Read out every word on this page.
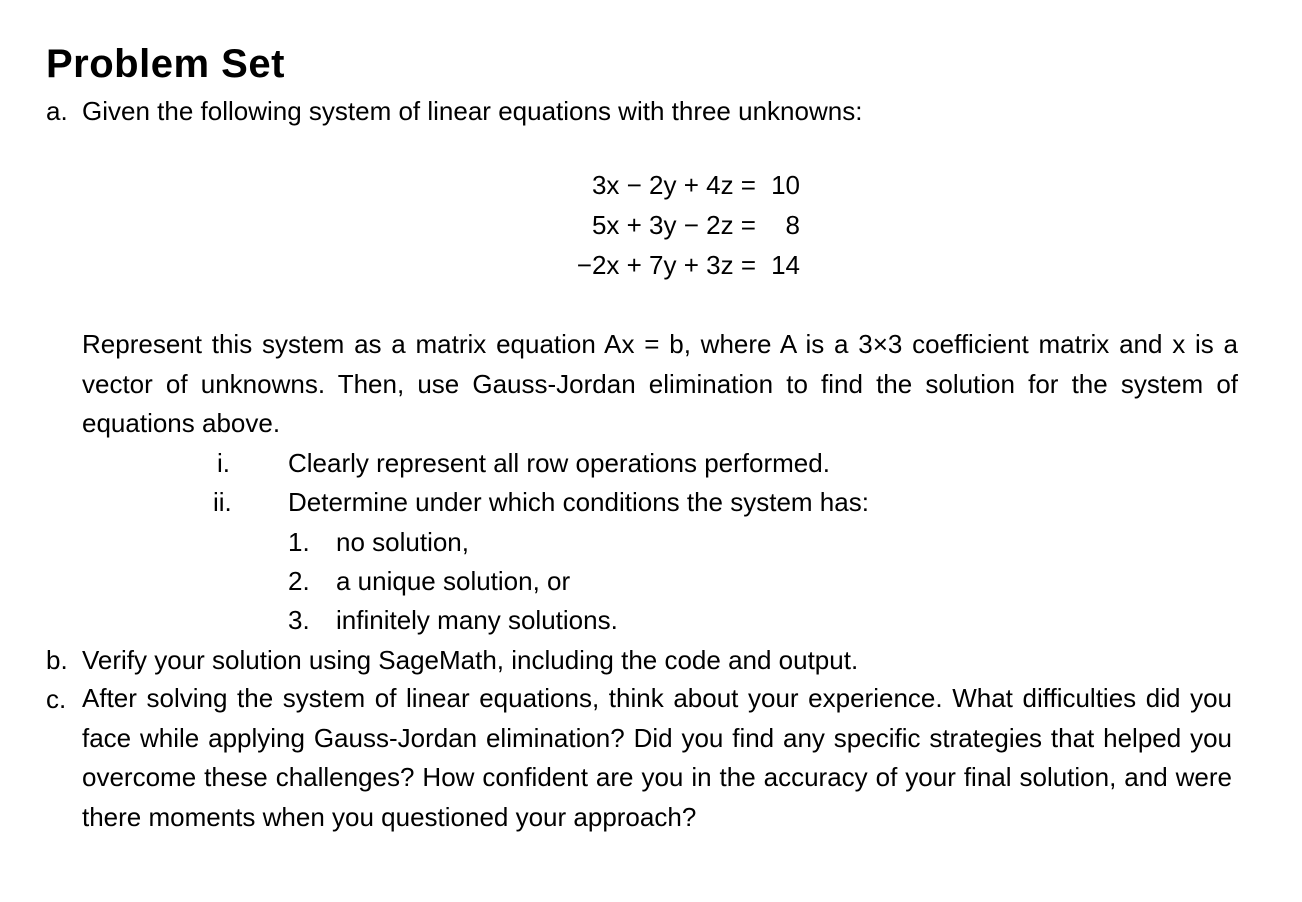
Problem Set
a. Given the following system of linear equations with three unknowns:
3x − 2y + 4z = 10
5x + 3y − 2z = 8
−2x + 7y + 3z = 14

Represent this system as a matrix equation Ax = b, where A is a 3×3 coefficient matrix and x is a vector of unknowns. Then, use Gauss-Jordan elimination to find the solution for the system of equations above.

i. Clearly represent all row operations performed.
ii. Determine under which conditions the system has:
1. no solution,
2. a unique solution, or
3. infinitely many solutions.
b. Verify your solution using SageMath, including the code and output.
c. After solving the system of linear equations, think about your experience. What difficulties did you face while applying Gauss-Jordan elimination? Did you find any specific strategies that helped you overcome these challenges? How confident are you in the accuracy of your final solution, and were there moments when you questioned your approach?
